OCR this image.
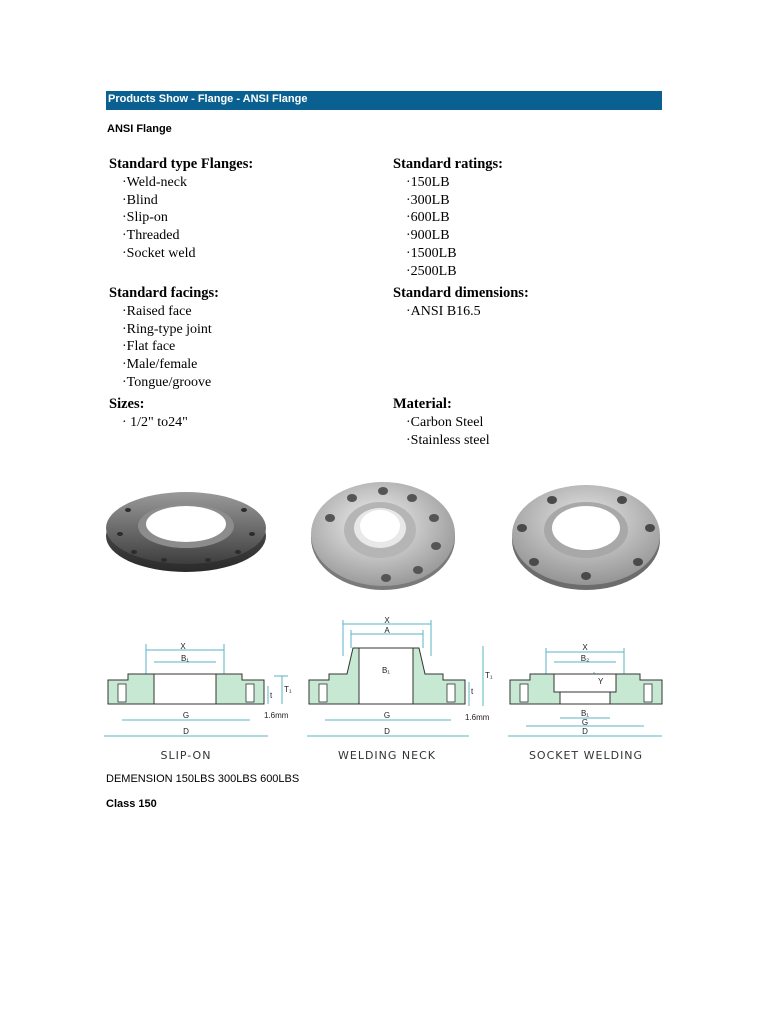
Products Show - Flange - ANSI Flange
ANSI Flange
Standard type Flanges:
·Weld-neck
·Blind
·Slip-on
·Threaded
·Socket weld
Standard ratings:
·150LB
·300LB
·600LB
·900LB
·1500LB
·2500LB
Standard facings:
·Raised face
·Ring-type joint
·Flat face
·Male/female
·Tongue/groove
Standard dimensions:
·ANSI B16.5
Sizes:
· 1/2" to24"
Material:
·Carbon Steel
·Stainless steel
X
B₁
G
D
T₁
t
1.6mm
SLIP-ON
X
A
B₁
G
D
T₁
t
1.6mm
WELDING NECK
X
B₂
Y
B₁
G
D
SOCKET WELDING
DEMENSION 150LBS 300LBS 600LBS
Class 150
